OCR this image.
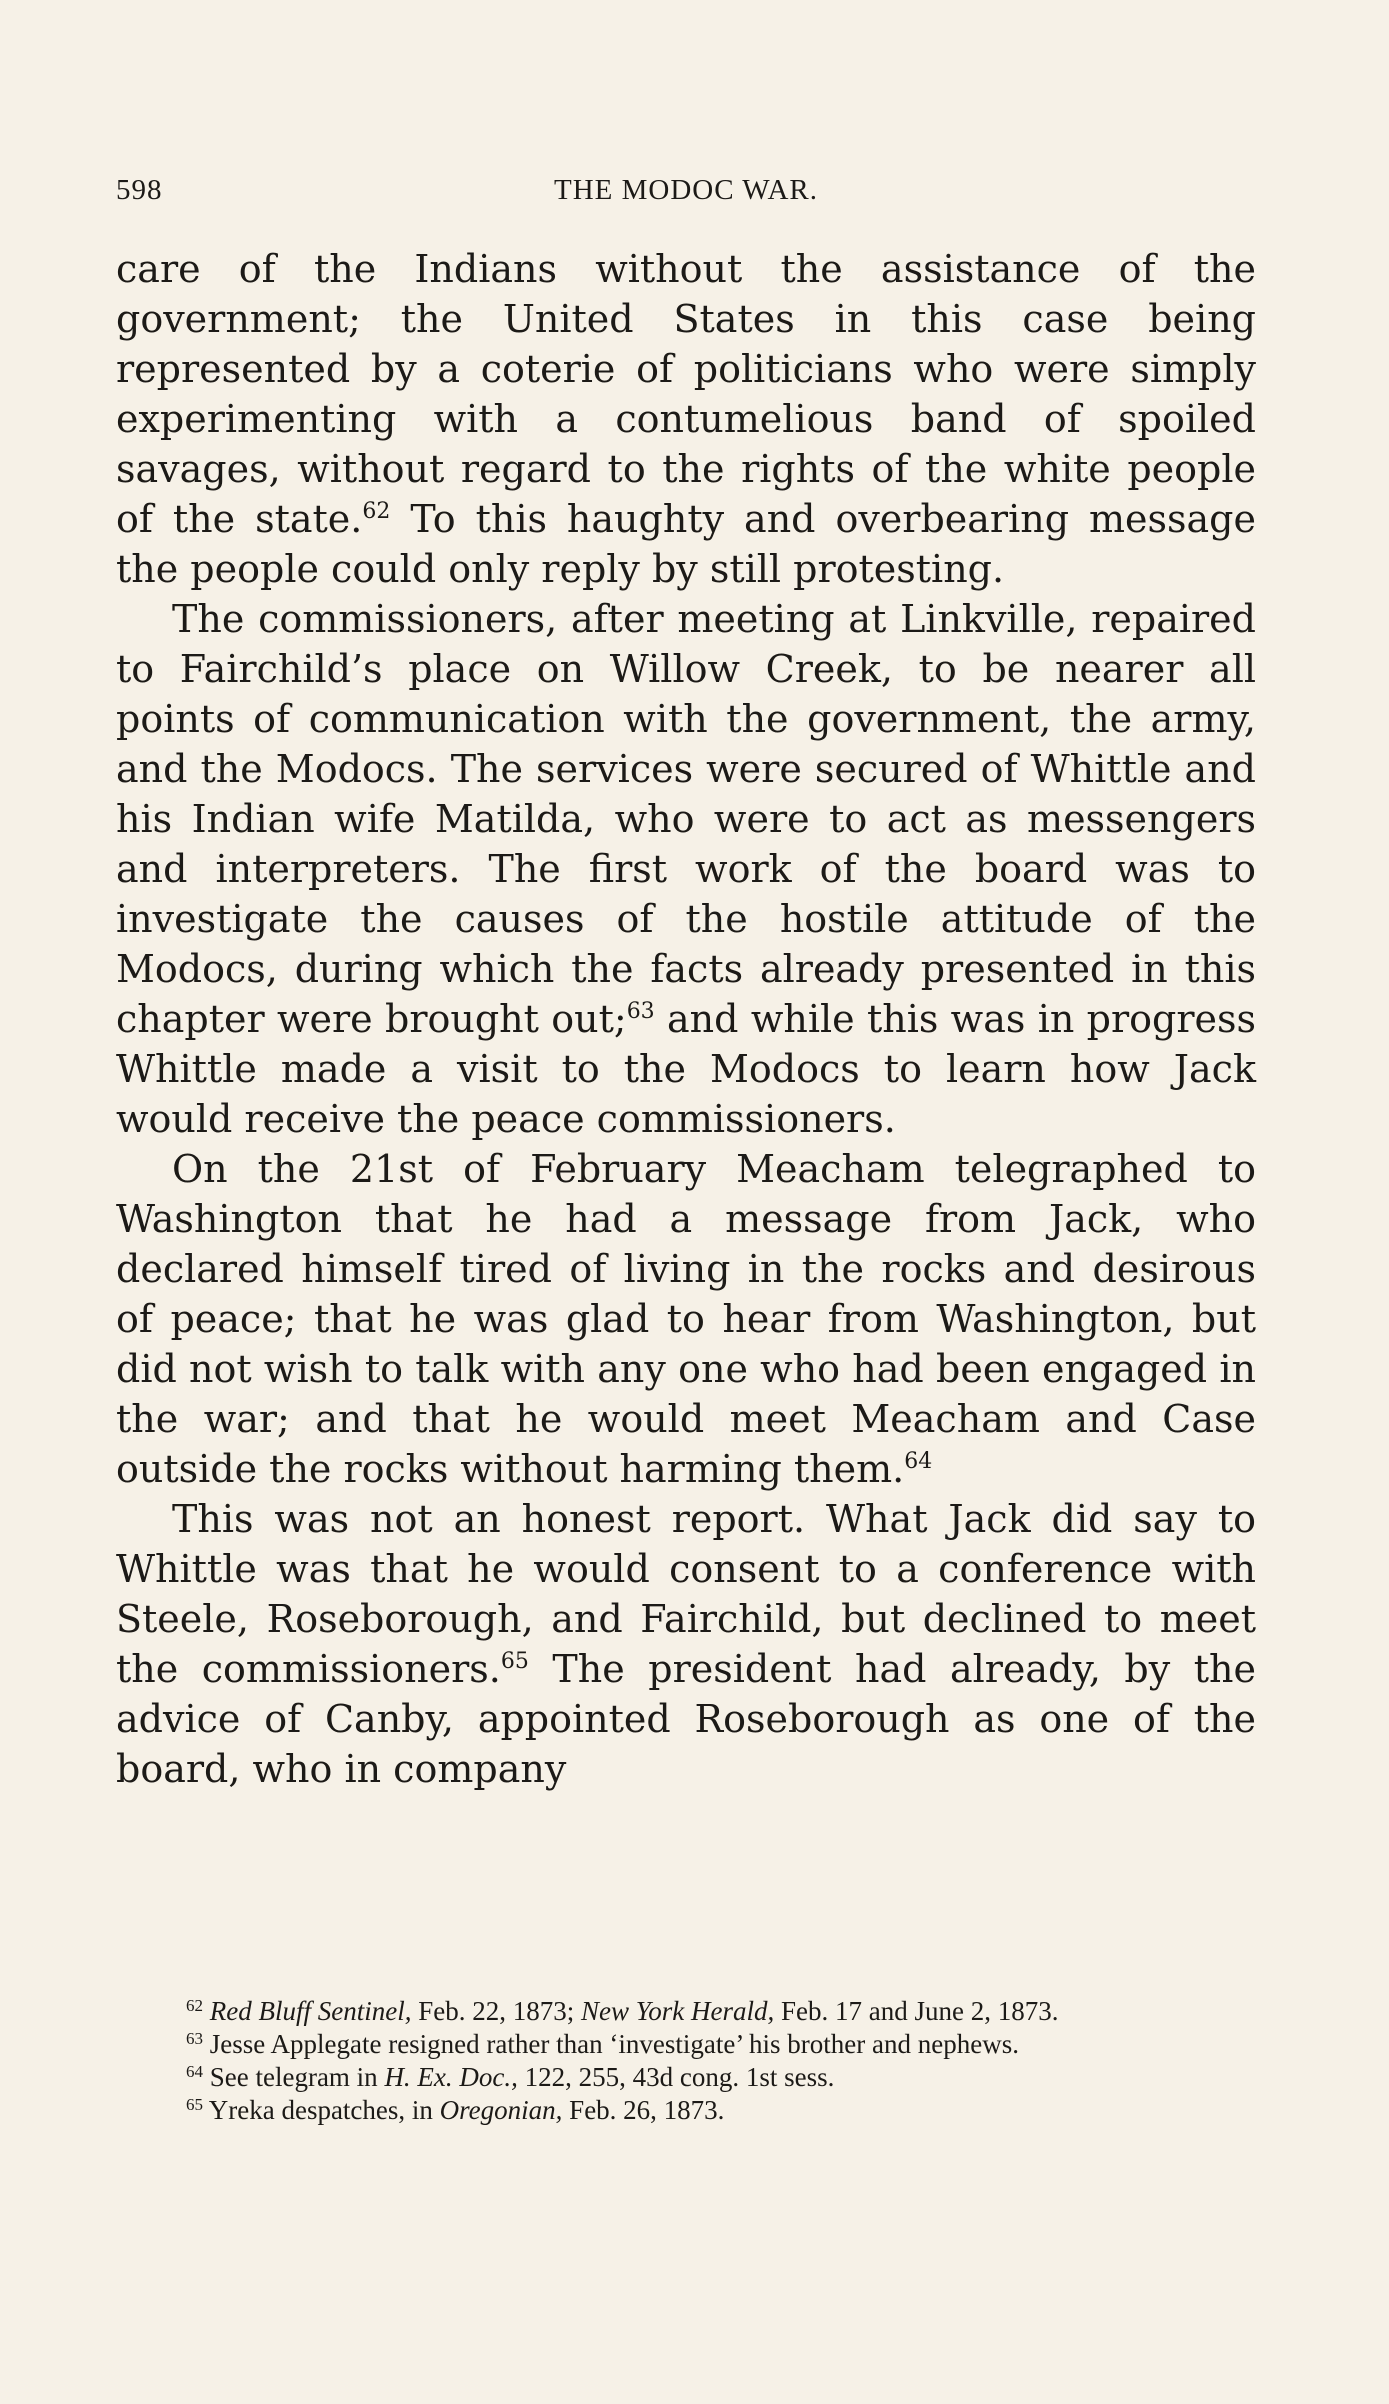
598	THE MODOC WAR.

care of the Indians without the assistance of the government; the United States in this case being represented by a coterie of politicians who were simply experimenting with a contumelious band of spoiled savages, without regard to the rights of the white people of the state.$^{62}$ To this haughty and overbearing message the people could only reply by still protesting.

The commissioners, after meeting at Linkville, repaired to Fairchild’s place on Willow Creek, to be nearer all points of communication with the government, the army, and the Modocs. The services were secured of Whittle and his Indian wife Matilda, who were to act as messengers and interpreters. The first work of the board was to investigate the causes of the hostile attitude of the Modocs, during which the facts already presented in this chapter were brought out;$^{63}$ and while this was in progress Whittle made a visit to the Modocs to learn how Jack would receive the peace commissioners.

On the 21st of February Meacham telegraphed to Washington that he had a message from Jack, who declared himself tired of living in the rocks and desirous of peace; that he was glad to hear from Washington, but did not wish to talk with any one who had been engaged in the war; and that he would meet Meacham and Case outside the rocks without harming them.$^{64}$

This was not an honest report. What Jack did say to Whittle was that he would consent to a conference with Steele, Roseborough, and Fairchild, but declined to meet the commissioners.$^{65}$ The president had already, by the advice of Canby, appointed Roseborough as one of the board, who in company

$^{62}$ Red Bluff Sentinel, Feb. 22, 1873; New York Herald, Feb. 17 and June 2, 1873.

$^{63}$ Jesse Applegate resigned rather than ‘investigate’ his brother and nephews.

$^{64}$ See telegram in H. Ex. Doc., 122, 255, 43d cong. 1st sess.

$^{65}$ Yreka despatches, in Oregonian, Feb. 26, 1873.
